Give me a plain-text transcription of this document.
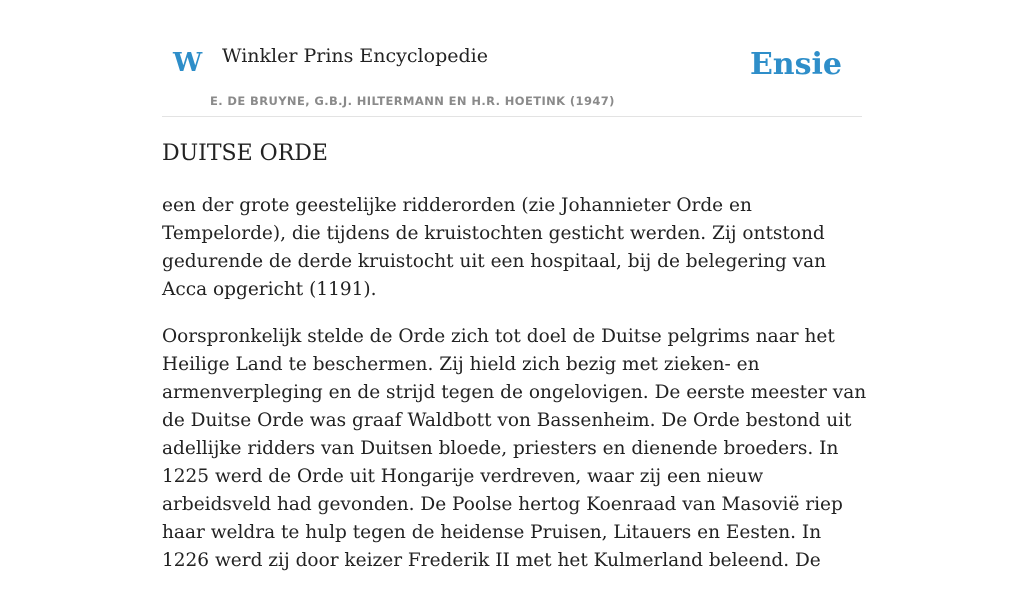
W Winkler Prins Encyclopedie
E. DE BRUYNE, G.B.J. HILTERMANN EN H.R. HOETINK (1947)
Ensie
DUITSE ORDE

een der grote geestelijke ridderorden (zie Johannieter Orde en Tempelorde), die tijdens de kruistochten gesticht werden. Zij ontstond gedurende de derde kruistocht uit een hospitaal, bij de belegering van Acca opgericht (1191).

Oorspronkelijk stelde de Orde zich tot doel de Duitse pelgrims naar het Heilige Land te beschermen. Zij hield zich bezig met zieken- en armenverpleging en de strijd tegen de ongelovigen. De eerste meester van de Duitse Orde was graaf Waldbott von Bassenheim. De Orde bestond uit adellijke ridders van Duitsen bloede, priesters en dienende broeders. In 1225 werd de Orde uit Hongarije verdreven, waar zij een nieuw arbeidsveld had gevonden. De Poolse hertog Koenraad van Masovië riep haar weldra te hulp tegen de heidense Pruisen, Litauers en Eesten. In 1226 werd zij door keizer Frederik II met het Kulmerland beleend. De
